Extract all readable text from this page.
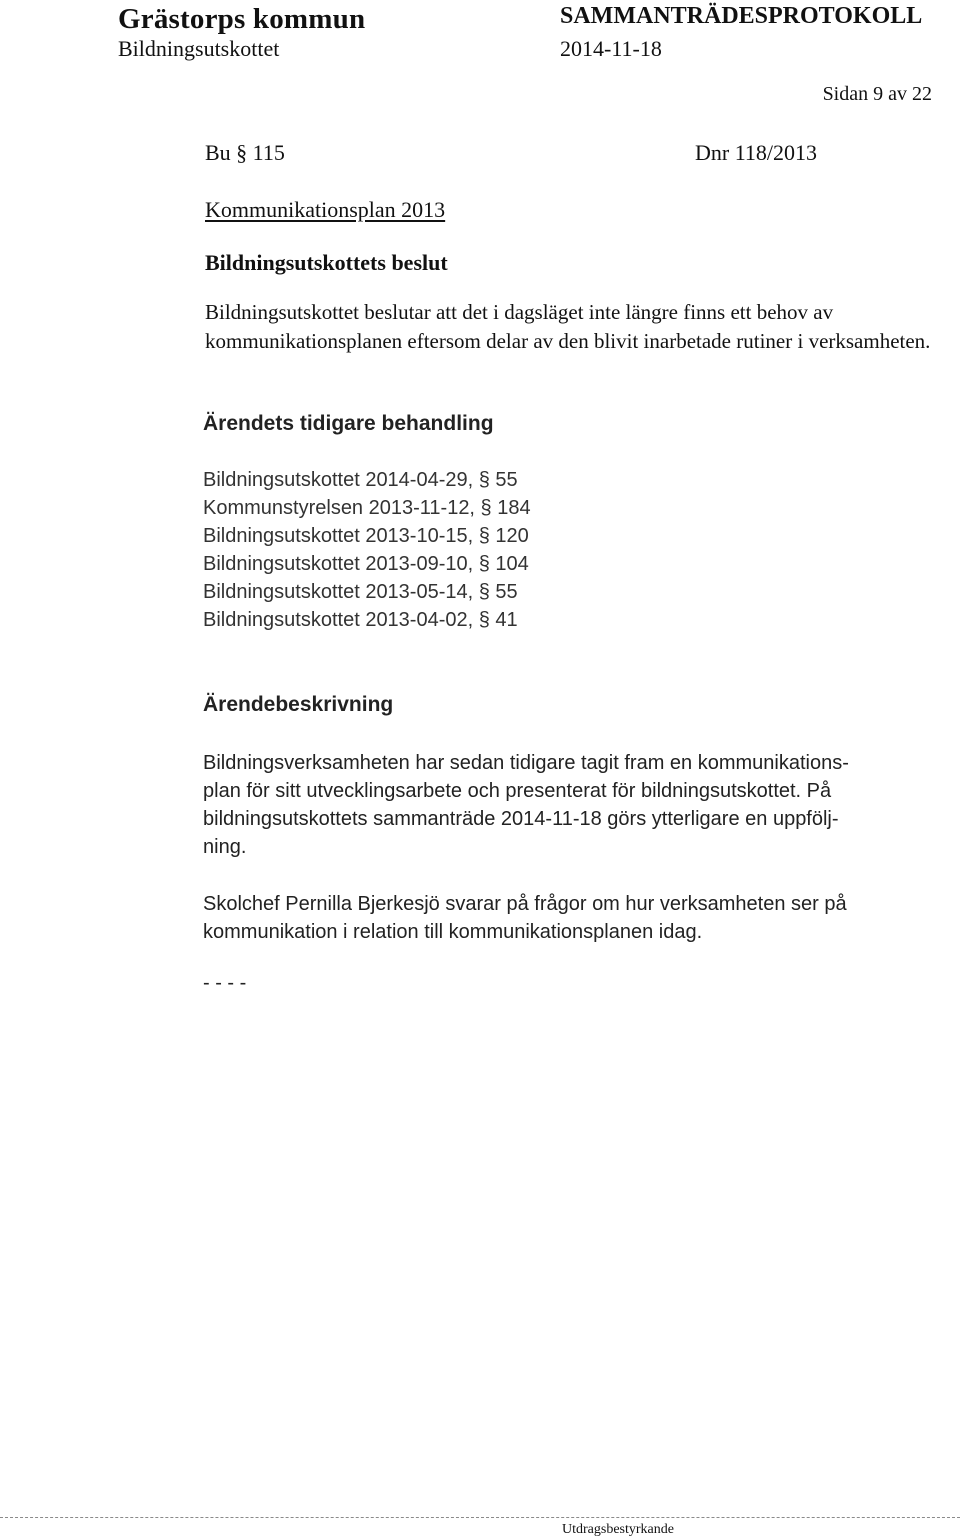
Grästorps kommun	SAMMANTRÄDESPROTOKOLL
Bildningsutskottet	2014-11-18
Sidan 9 av 22
Bu § 115	Dnr 118/2013
Kommunikationsplan 2013
Bildningsutskottets beslut
Bildningsutskottet beslutar att det i dagsläget inte längre finns ett behov av kommunikationsplanen eftersom delar av den blivit inarbetade rutiner i verksamheten.
Ärendets tidigare behandling
Bildningsutskottet 2014-04-29, § 55
Kommunstyrelsen 2013-11-12, § 184
Bildningsutskottet 2013-10-15, § 120
Bildningsutskottet 2013-09-10, § 104
Bildningsutskottet 2013-05-14, § 55
Bildningsutskottet 2013-04-02, § 41
Ärendebeskrivning
Bildningsverksamheten har sedan tidigare tagit fram en kommunikations-
plan för sitt utvecklingsarbete och presenterat för bildningsutskottet. På
bildningsutskottets sammanträde 2014-11-18 görs ytterligare en uppfölj-
ning.
Skolchef Pernilla Bjerkesjö svarar på frågor om hur verksamheten ser på
kommunikation i relation till kommunikationsplanen idag.
- - - -
Utdragsbestyrkande
